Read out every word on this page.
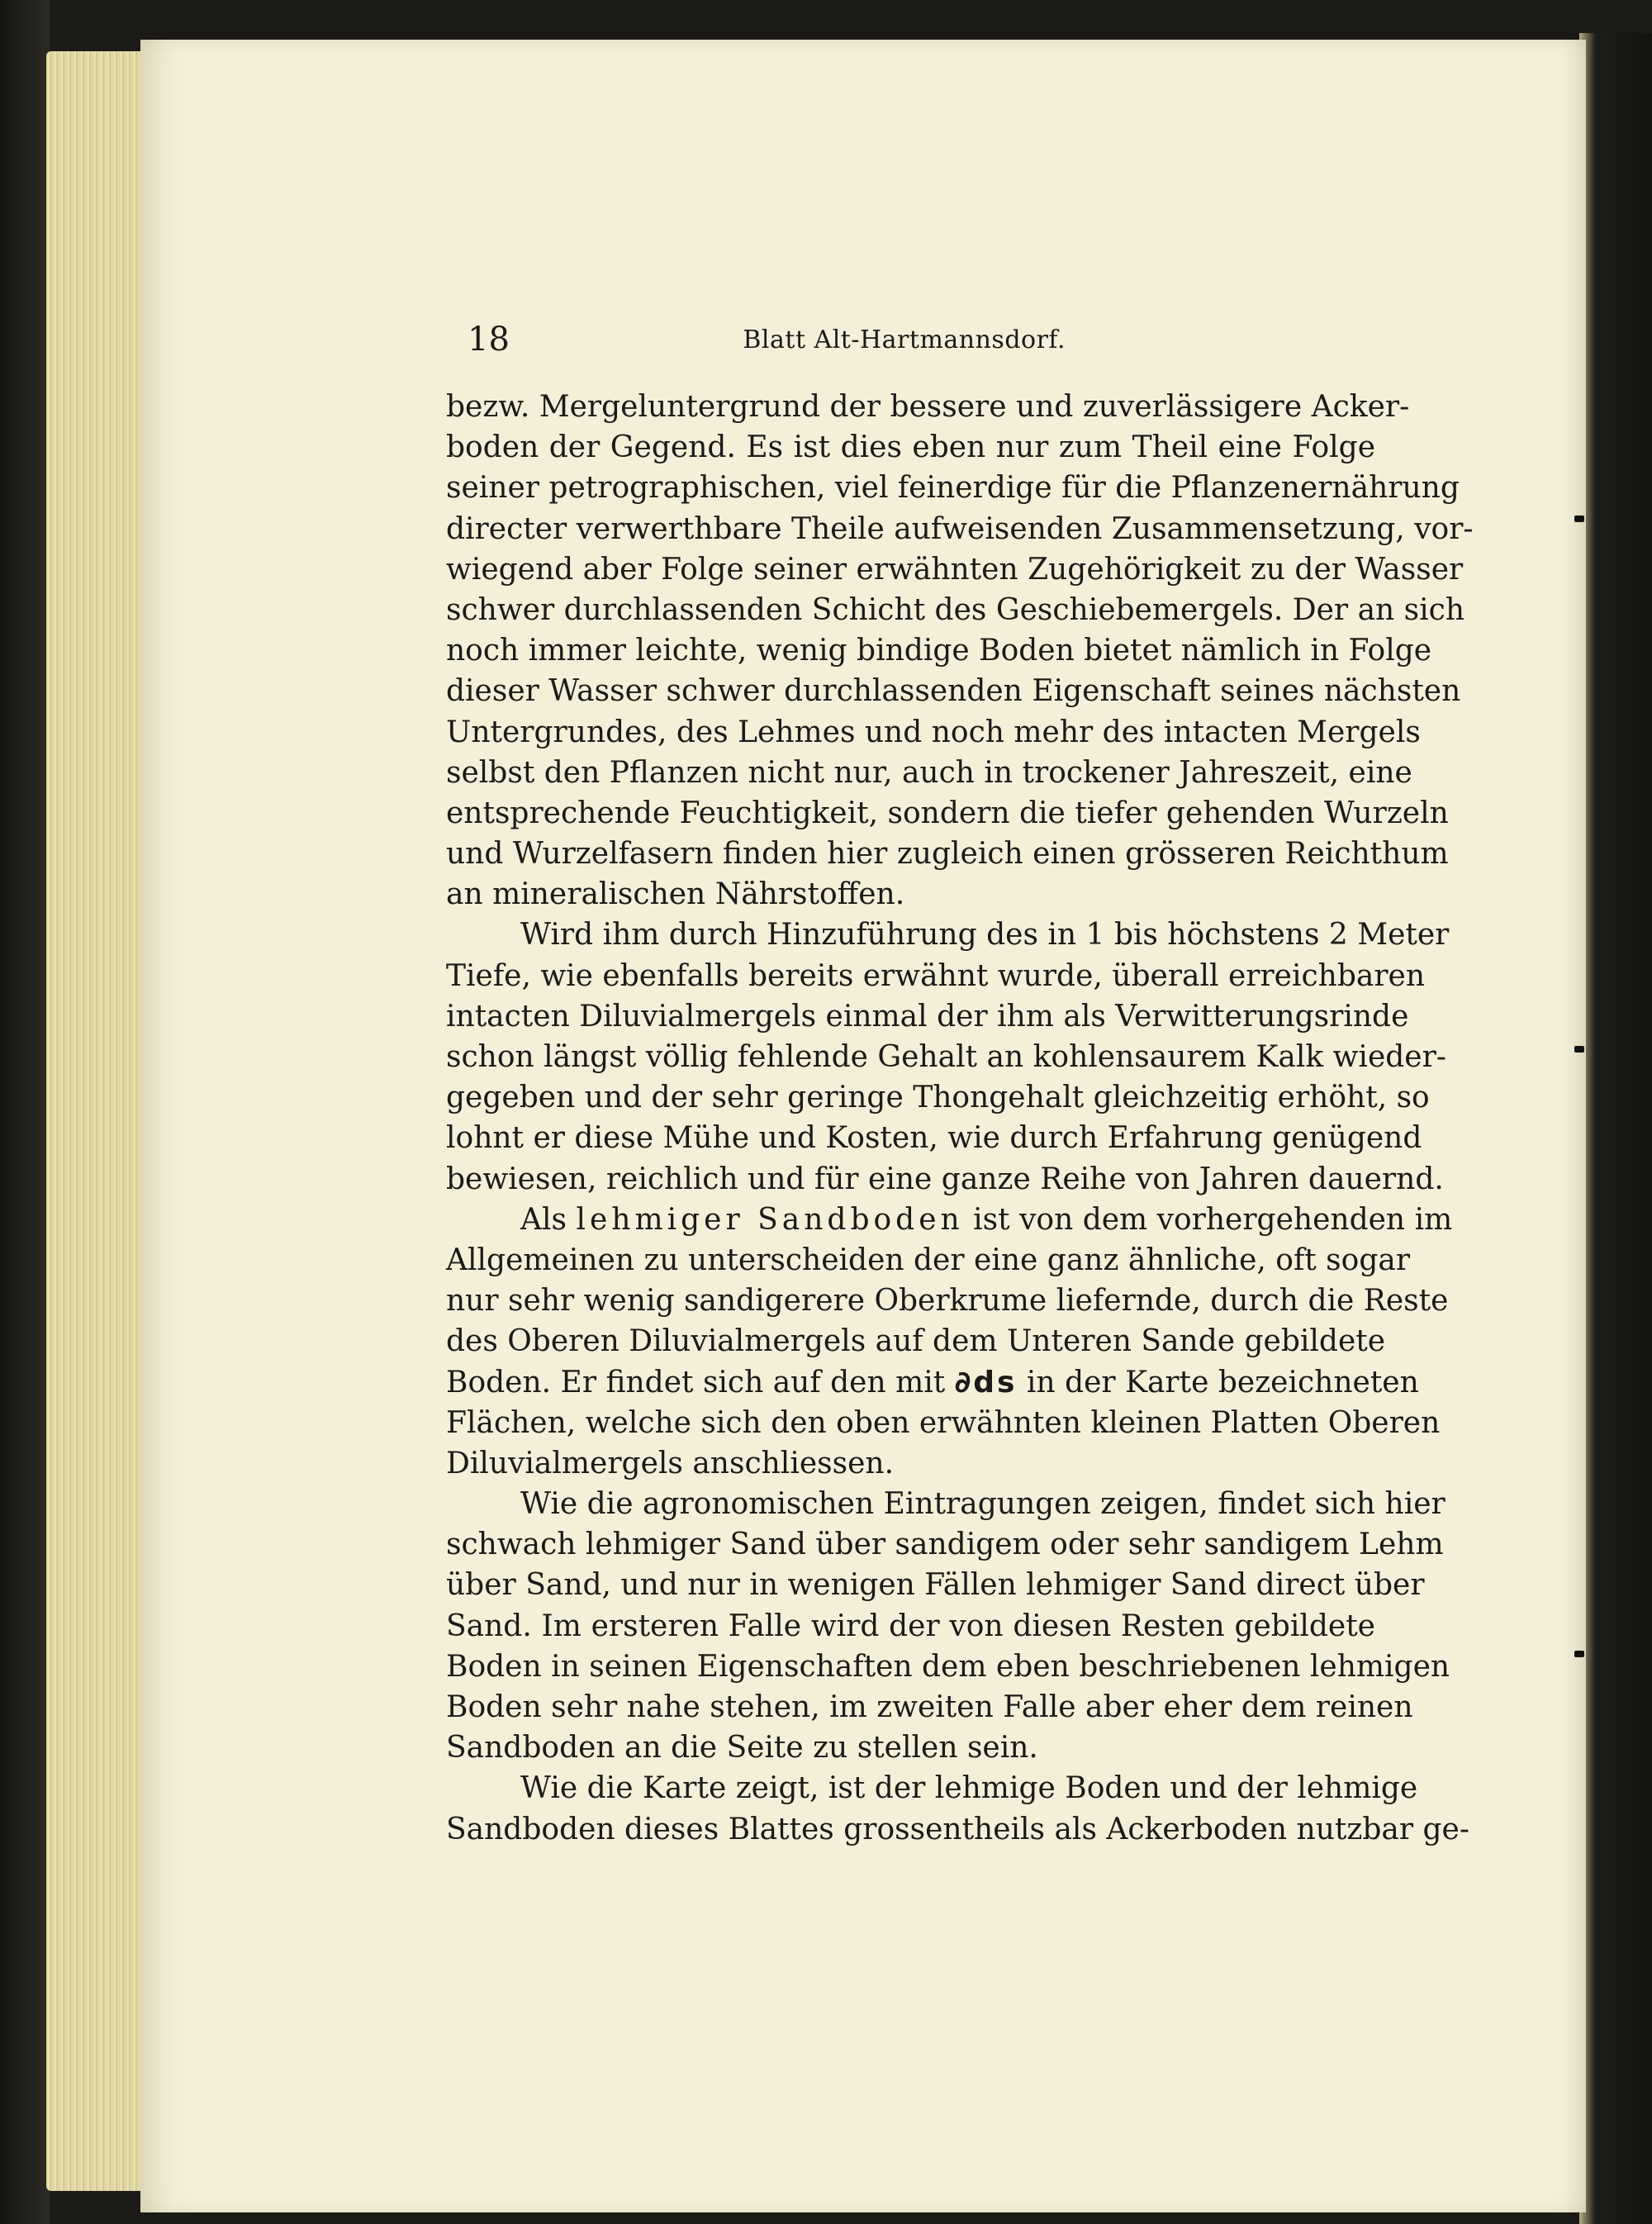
18	Blatt Alt-Hartmannsdorf.
bezw. Mergeluntergrund der bessere und zuverlässigere Acker-
boden der Gegend. Es ist dies eben nur zum Theil eine Folge
seiner petrographischen, viel feinerdige für die Pflanzenernährung
directer verwerthbare Theile aufweisenden Zusammensetzung, vor-
wiegend aber Folge seiner erwähnten Zugehörigkeit zu der Wasser
schwer durchlassenden Schicht des Geschiebemergels. Der an sich
noch immer leichte, wenig bindige Boden bietet nämlich in Folge
dieser Wasser schwer durchlassenden Eigenschaft seines nächsten
Untergrundes, des Lehmes und noch mehr des intacten Mergels
selbst den Pflanzen nicht nur, auch in trockener Jahreszeit, eine
entsprechende Feuchtigkeit, sondern die tiefer gehenden Wurzeln
und Wurzelfasern finden hier zugleich einen grösseren Reichthum
an mineralischen Nährstoffen.
Wird ihm durch Hinzuführung des in 1 bis höchstens 2 Meter
Tiefe, wie ebenfalls bereits erwähnt wurde, überall erreichbaren
intacten Diluvialmergels einmal der ihm als Verwitterungsrinde
schon längst völlig fehlende Gehalt an kohlensaurem Kalk wieder-
gegeben und der sehr geringe Thongehalt gleichzeitig erhöht, so
lohnt er diese Mühe und Kosten, wie durch Erfahrung genügend
bewiesen, reichlich und für eine ganze Reihe von Jahren dauernd.
Als lehmiger Sandboden ist von dem vorhergehenden im
Allgemeinen zu unterscheiden der eine ganz ähnliche, oft sogar
nur sehr wenig sandigerere Oberkrume liefernde, durch die Reste
des Oberen Diluvialmergels auf dem Unteren Sande gebildete
Boden. Er findet sich auf den mit ∂ds in der Karte bezeichneten
Flächen, welche sich den oben erwähnten kleinen Platten Oberen
Diluvialmergels anschliessen.
Wie die agronomischen Eintragungen zeigen, findet sich hier
schwach lehmiger Sand über sandigem oder sehr sandigem Lehm
über Sand, und nur in wenigen Fällen lehmiger Sand direct über
Sand. Im ersteren Falle wird der von diesen Resten gebildete
Boden in seinen Eigenschaften dem eben beschriebenen lehmigen
Boden sehr nahe stehen, im zweiten Falle aber eher dem reinen
Sandboden an die Seite zu stellen sein.
Wie die Karte zeigt, ist der lehmige Boden und der lehmige
Sandboden dieses Blattes grossentheils als Ackerboden nutzbar ge-
